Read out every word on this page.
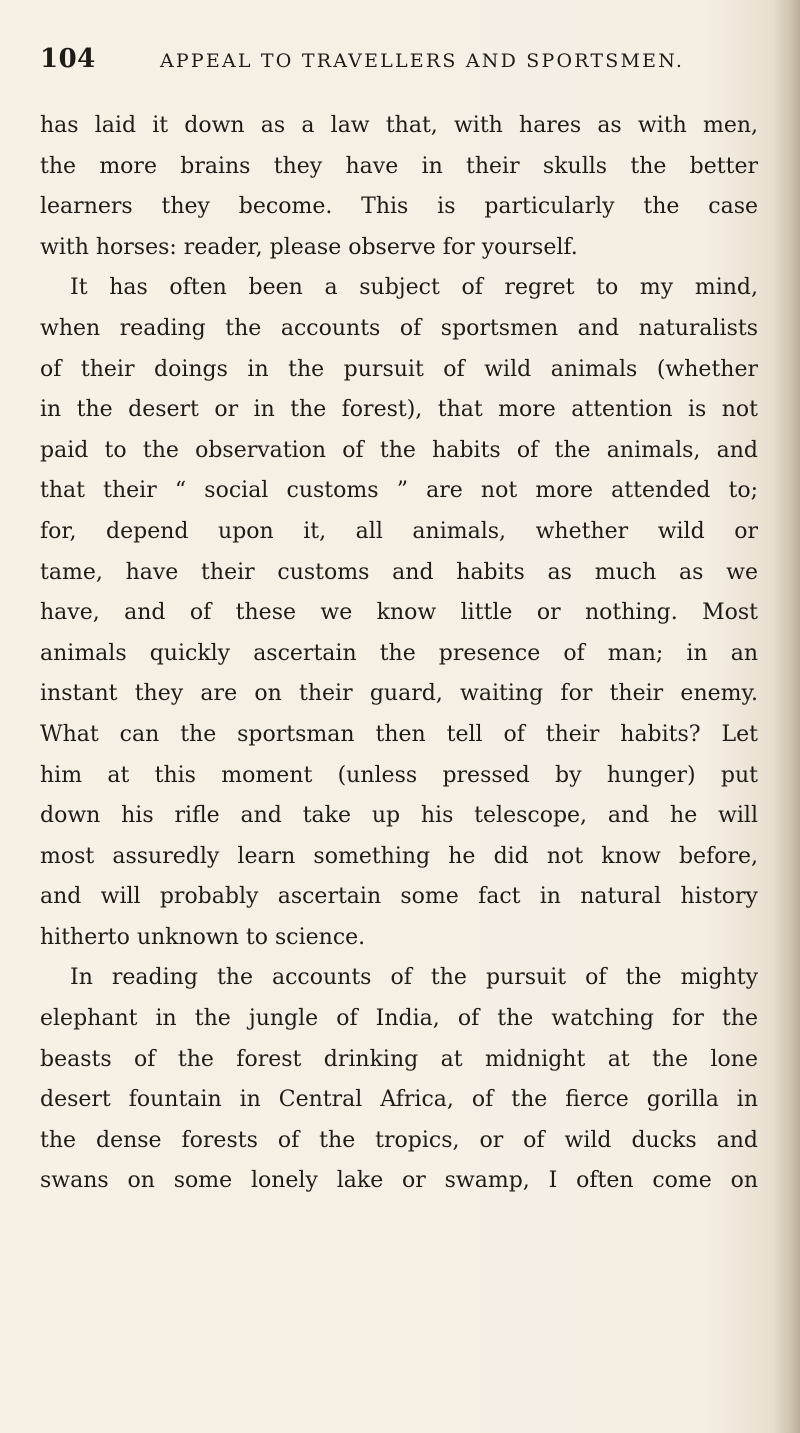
104	APPEAL TO TRAVELLERS AND SPORTSMEN.
has laid it down as a law that, with hares as with men,
the more brains they have in their skulls the better
learners they become. This is particularly the case
with horses: reader, please observe for yourself.
It has often been a subject of regret to my mind,
when reading the accounts of sportsmen and naturalists
of their doings in the pursuit of wild animals (whether
in the desert or in the forest), that more attention is not
paid to the observation of the habits of the animals, and
that their “ social customs ” are not more attended to;
for, depend upon it, all animals, whether wild or
tame, have their customs and habits as much as we
have, and of these we know little or nothing. Most
animals quickly ascertain the presence of man; in an
instant they are on their guard, waiting for their enemy.
What can the sportsman then tell of their habits? Let
him at this moment (unless pressed by hunger) put
down his rifle and take up his telescope, and he will
most assuredly learn something he did not know before,
and will probably ascertain some fact in natural history
hitherto unknown to science.
In reading the accounts of the pursuit of the mighty
elephant in the jungle of India, of the watching for the
beasts of the forest drinking at midnight at the lone
desert fountain in Central Africa, of the fierce gorilla in
the dense forests of the tropics, or of wild ducks and
swans on some lonely lake or swamp, I often come on
